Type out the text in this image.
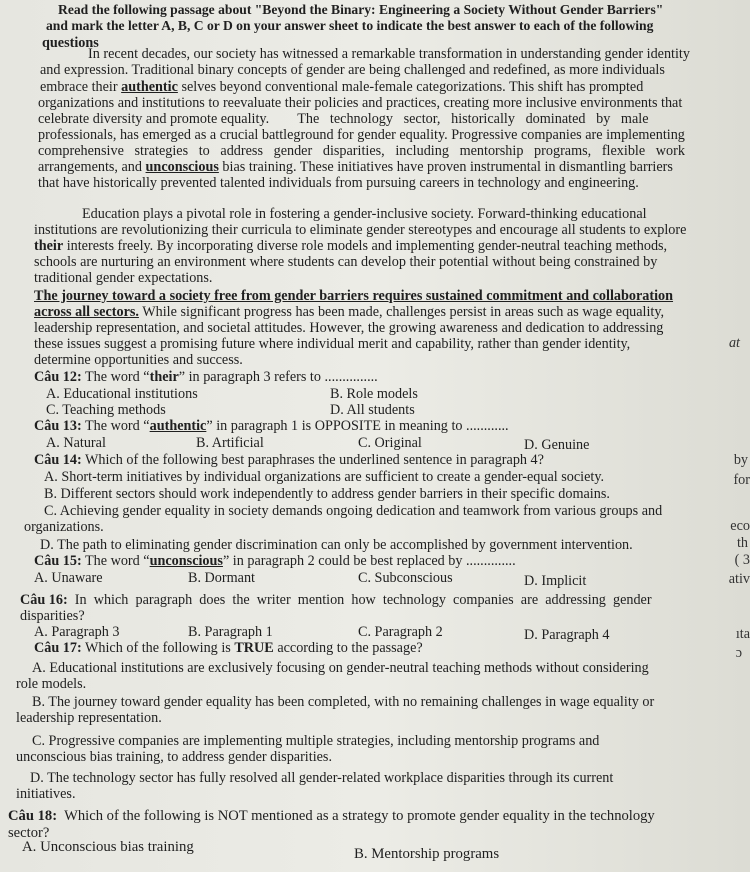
Read the following passage about "Beyond the Binary: Engineering a Society Without Gender Barriers"
and mark the letter A, B, C or D on your answer sheet to indicate the best answer to each of the following
questions
In recent decades, our society has witnessed a remarkable transformation in understanding gender identity
and expression. Traditional binary concepts of gender are being challenged and redefined, as more individuals
embrace their authentic selves beyond conventional male-female categorizations. This shift has prompted
organizations and institutions to reevaluate their policies and practices, creating more inclusive environments that
celebrate diversity and promote equality.        The   technology   sector,   historically   dominated   by   male
professionals, has emerged as a crucial battleground for gender equality. Progressive companies are implementing
comprehensive   strategies   to   address   gender   disparities,   including   mentorship   programs,   flexible   work
arrangements, and unconscious bias training. These initiatives have proven instrumental in dismantling barriers
that have historically prevented talented individuals from pursuing careers in technology and engineering.
Education plays a pivotal role in fostering a gender-inclusive society. Forward-thinking educational
institutions are revolutionizing their curricula to eliminate gender stereotypes and encourage all students to explore
their interests freely. By incorporating diverse role models and implementing gender-neutral teaching methods,
schools are nurturing an environment where students can develop their potential without being constrained by
traditional gender expectations.
The journey toward a society free from gender barriers requires sustained commitment and collaboration
across all sectors. While significant progress has been made, challenges persist in areas such as wage equality,
leadership representation, and societal attitudes. However, the growing awareness and dedication to addressing
these issues suggest a promising future where individual merit and capability, rather than gender identity,
determine opportunities and success.
Câu 12: The word “their” in paragraph 3 refers to ...............
A. Educational institutions	B. Role models
C. Teaching methods	D. All students
Câu 13: The word “authentic” in paragraph 1 is OPPOSITE in meaning to ............
A. Natural	B. Artificial	C. Original	D. Genuine
Câu 14: Which of the following best paraphrases the underlined sentence in paragraph 4?
A. Short-term initiatives by individual organizations are sufficient to create a gender-equal society.
B. Different sectors should work independently to address gender barriers in their specific domains.
C. Achieving gender equality in society demands ongoing dedication and teamwork from various groups and
organizations.
D. The path to eliminating gender discrimination can only be accomplished by government intervention.
Câu 15: The word “unconscious” in paragraph 2 could be best replaced by ..............
A. Unaware	B. Dormant	C. Subconscious	D. Implicit
Câu 16:  In  which  paragraph  does  the  writer  mention  how  technology  companies  are  addressing  gender
disparities?
A. Paragraph 3	B. Paragraph 1	C. Paragraph 2	D. Paragraph 4
Câu 17: Which of the following is TRUE according to the passage?
A. Educational institutions are exclusively focusing on gender-neutral teaching methods without considering
role models.
B. The journey toward gender equality has been completed, with no remaining challenges in wage equality or
leadership representation.
C. Progressive companies are implementing multiple strategies, including mentorship programs and
unconscious bias training, to address gender disparities.
D. The technology sector has fully resolved all gender-related workplace disparities through its current
initiatives.
Câu 18:  Which of the following is NOT mentioned as a strategy to promote gender equality in the technology
sector?
A. Unconscious bias training	B. Mentorship programs
at
by
for
eco
th
( 3
ativ
ıta
ɔ
